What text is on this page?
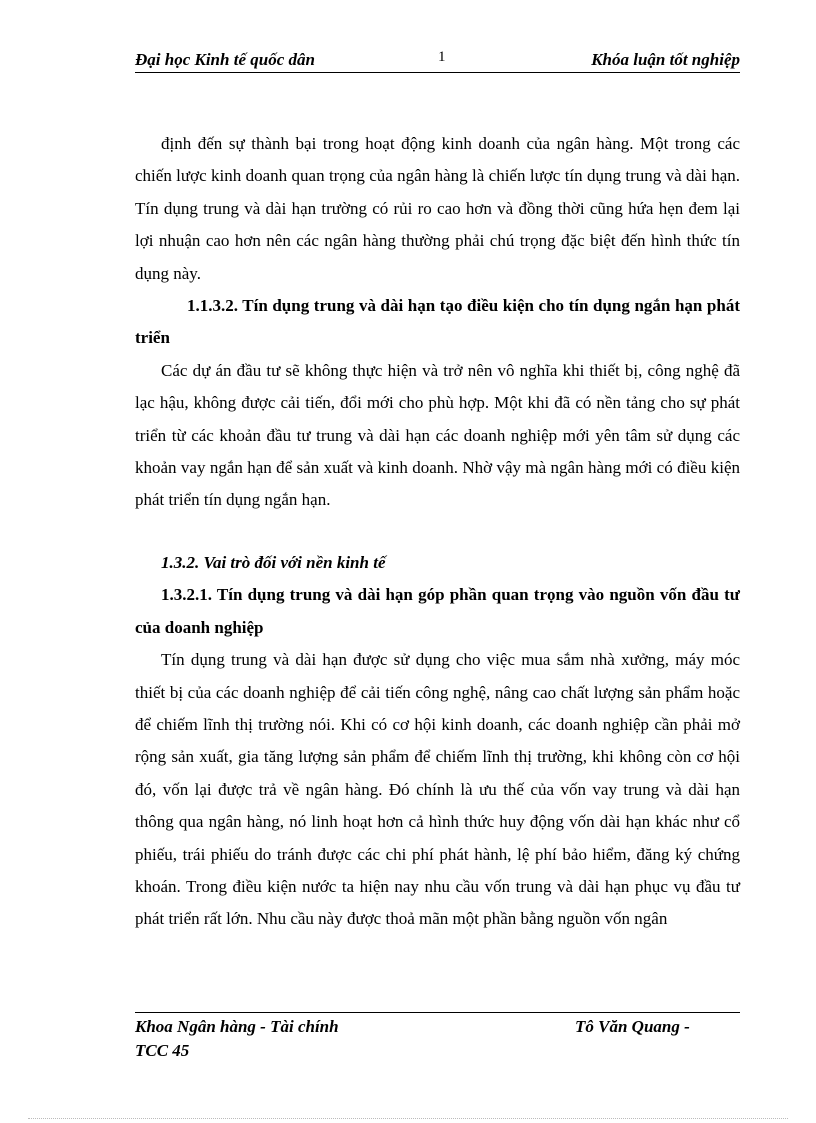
Đại học Kinh tế quốc dân	1	Khóa luận tốt nghiệp

định đến sự thành bại trong hoạt động kinh doanh của ngân hàng. Một trong các chiến lược kinh doanh quan trọng của ngân hàng là chiến lược tín dụng trung và dài hạn. Tín dụng trung và dài hạn trường có rủi ro cao hơn và đồng thời cũng hứa hẹn đem lại lợi nhuận cao hơn nên các ngân hàng thường phải chú trọng đặc biệt đến hình thức tín dụng này.

1.1.3.2. Tín dụng trung và dài hạn tạo điều kiện cho tín dụng ngắn hạn phát triển

Các dự án đầu tư sẽ không thực hiện và trở nên vô nghĩa khi thiết bị, công nghệ đã lạc hậu, không được cải tiến, đổi mới cho phù hợp. Một khi đã có nền tảng cho sự phát triển từ các khoản đầu tư trung và dài hạn các doanh nghiệp mới yên tâm sử dụng các khoản vay ngắn hạn để sản xuất và kinh doanh. Nhờ vậy mà ngân hàng mới có điều kiện phát triển tín dụng ngắn hạn.

1.3.2. Vai trò đối với nền kinh tế

1.3.2.1. Tín dụng trung và dài hạn góp phần quan trọng vào nguồn vốn đầu tư của doanh nghiệp

Tín dụng trung và dài hạn được sử dụng cho việc mua sắm nhà xưởng, máy móc thiết bị của các doanh nghiệp để cải tiến công nghệ, nâng cao chất lượng sản phẩm hoặc để chiếm lĩnh thị trường nói. Khi có cơ hội kinh doanh, các doanh nghiệp cần phải mở rộng sản xuất, gia tăng lượng sản phẩm để chiếm lĩnh thị trường, khi không còn cơ hội đó, vốn lại được trả về ngân hàng. Đó chính là ưu thế của vốn vay trung và dài hạn thông qua ngân hàng, nó linh hoạt hơn cả hình thức huy động vốn dài hạn khác như cổ phiếu, trái phiếu do tránh được các chi phí phát hành, lệ phí bảo hiểm, đăng ký chứng khoán. Trong điều kiện nước ta hiện nay nhu cầu vốn trung và dài hạn phục vụ đầu tư phát triển rất lớn. Nhu cầu này được thoả mãn một phần bằng nguồn vốn ngân

Khoa Ngân hàng - Tài chính	Tô Văn Quang -
TCC 45
